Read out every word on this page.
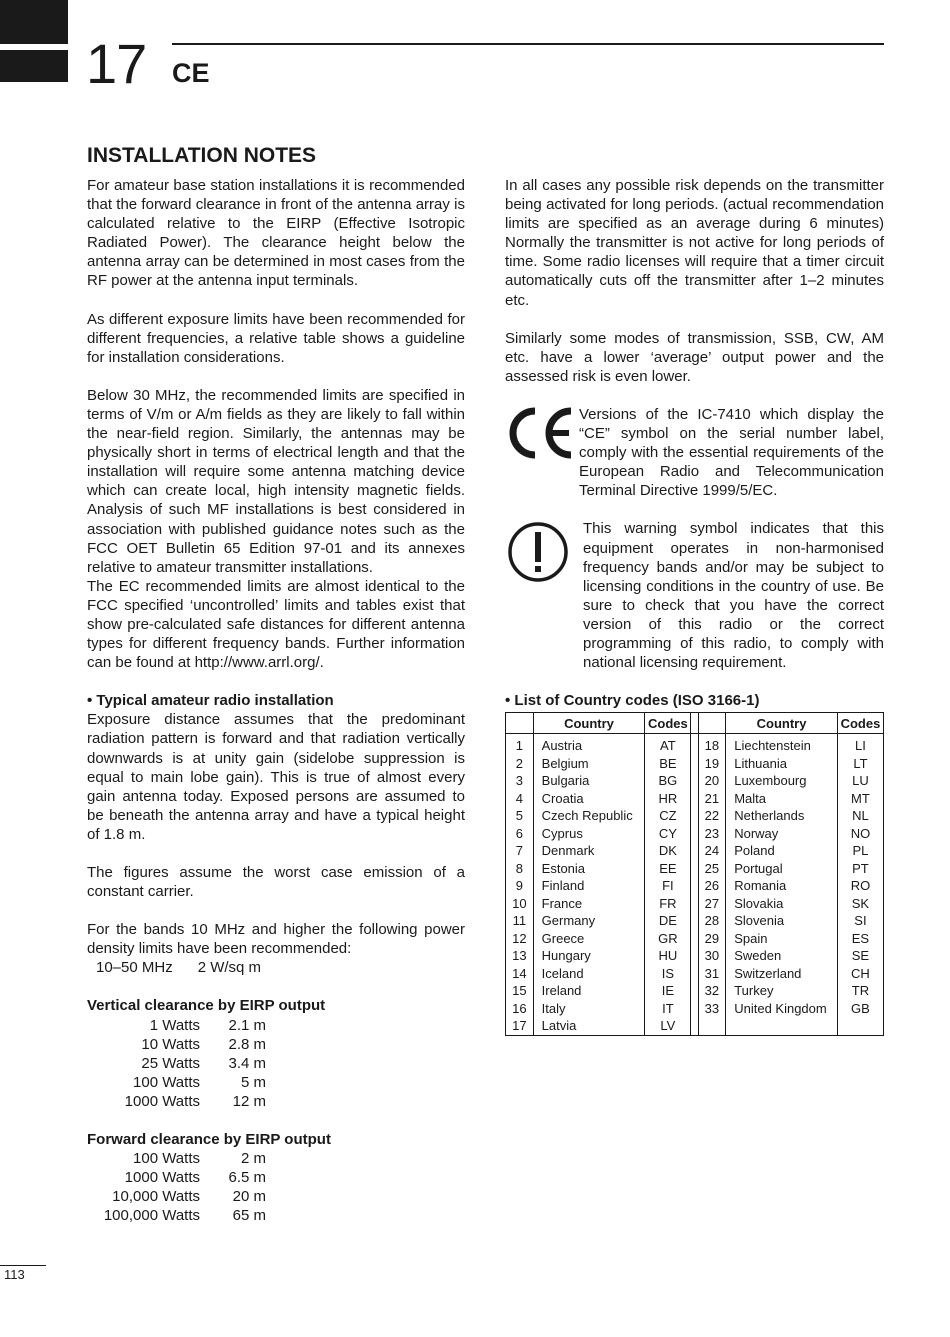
17 CE
INSTALLATION NOTES

For amateur base station installations it is recommended that the forward clearance in front of the antenna array is calculated relative to the EIRP (Effective Isotropic Radiated Power). The clearance height below the antenna array can be determined in most cases from the RF power at the antenna input terminals.

As different exposure limits have been recommended for different frequencies, a relative table shows a guideline for installation considerations.

Below 30 MHz, the recommended limits are specified in terms of V/m or A/m fields as they are likely to fall within the near-field region. Similarly, the antennas may be physically short in terms of electrical length and that the installation will require some antenna matching device which can create local, high intensity magnetic fields. Analysis of such MF installations is best considered in association with published guidance notes such as the FCC OET Bulletin 65 Edition 97-01 and its annexes relative to amateur transmitter installations.

The EC recommended limits are almost identical to the FCC specified ‘uncontrolled’ limits and tables exist that show pre-calculated safe distances for different antenna types for different frequency bands. Further information can be found at http://www.arrl.org/.

• Typical amateur radio installation

Exposure distance assumes that the predominant radiation pattern is forward and that radiation vertically downwards is at unity gain (sidelobe suppression is equal to main lobe gain). This is true of almost every gain antenna today. Exposed persons are assumed to be beneath the antenna array and have a typical height of 1.8 m.

The figures assume the worst case emission of a constant carrier.

For the bands 10 MHz and higher the following power density limits have been recommended:

10–50 MHz      2 W/sq m
Vertical clearance by EIRP output
1 Watts	2.1 m
10 Watts	2.8 m
25 Watts	3.4 m
100 Watts	5 m
1000 Watts	12 m
Forward clearance by EIRP output
100 Watts	2 m
1000 Watts	6.5 m
10,000 Watts	20 m
100,000 Watts	65 m

In all cases any possible risk depends on the transmitter being activated for long periods. (actual recommendation limits are specified as an average during 6 minutes) Normally the transmitter is not active for long periods of time. Some radio licenses will require that a timer circuit automatically cuts off the transmitter after 1–2 minutes etc.

Similarly some modes of transmission, SSB, CW, AM etc. have a lower ‘average’ output power and the assessed risk is even lower.

Versions of the IC-7410 which display the “CE” symbol on the serial number label, comply with the essential requirements of the European Radio and Telecommunication Terminal Directive 1999/5/EC.
This warning symbol indicates that this equipment operates in non-harmonised frequency bands and/or may be subject to licensing conditions in the country of use. Be sure to check that you have the correct version of this radio or the correct programming of this radio, to comply with national licensing requirement.
• List of Country codes (ISO 3166-1)
	Country	Codes			Country	Codes
1	Austria	AT		18	Liechtenstein	LI
2	Belgium	BE		19	Lithuania	LT
3	Bulgaria	BG		20	Luxembourg	LU
4	Croatia	HR		21	Malta	MT
5	Czech Republic	CZ		22	Netherlands	NL
6	Cyprus	CY		23	Norway	NO
7	Denmark	DK		24	Poland	PL
8	Estonia	EE		25	Portugal	PT
9	Finland	FI		26	Romania	RO
10	France	FR		27	Slovakia	SK
11	Germany	DE		28	Slovenia	SI
12	Greece	GR		29	Spain	ES
13	Hungary	HU		30	Sweden	SE
14	Iceland	IS		31	Switzerland	CH
15	Ireland	IE		32	Turkey	TR
16	Italy	IT		33	United Kingdom	GB
17	Latvia	LV				
113
